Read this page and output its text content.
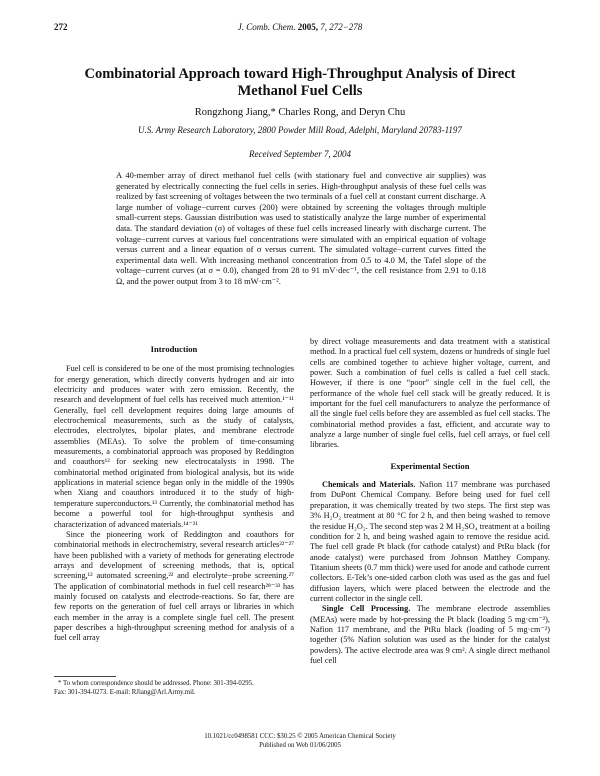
272	J. Comb. Chem. 2005, 7, 272−278
Combinatorial Approach toward High-Throughput Analysis of Direct Methanol Fuel Cells
Rongzhong Jiang,* Charles Rong, and Deryn Chu
U.S. Army Research Laboratory, 2800 Powder Mill Road, Adelphi, Maryland 20783-1197
Received September 7, 2004
A 40-member array of direct methanol fuel cells (with stationary fuel and convective air supplies) was generated by electrically connecting the fuel cells in series. High-throughput analysis of these fuel cells was realized by fast screening of voltages between the two terminals of a fuel cell at constant current discharge. A large number of voltage−current curves (200) were obtained by screening the voltages through multiple small-current steps. Gaussian distribution was used to statistically analyze the large number of experimental data. The standard deviation (σ) of voltages of these fuel cells increased linearly with discharge current. The voltage−current curves at various fuel concentrations were simulated with an empirical equation of voltage versus current and a linear equation of σ versus current. The simulated voltage−current curves fitted the experimental data well. With increasing methanol concentration from 0.5 to 4.0 M, the Tafel slope of the voltage−current curves (at σ = 0.0), changed from 28 to 91 mV·dec⁻¹, the cell resistance from 2.91 to 0.18 Ω, and the power output from 3 to 18 mW·cm⁻².
Introduction

Fuel cell is considered to be one of the most promising technologies for energy generation, which directly converts hydrogen and air into electricity and produces water with zero emission. Recently, the research and development of fuel cells has received much attention.¹⁻¹¹ Generally, fuel cell development requires doing large amounts of electrochemical measurements, such as the study of catalysts, electrodes, electrolytes, bipolar plates, and membrane electrode assemblies (MEAs). To solve the problem of time-consuming measurements, a combinatorial approach was proposed by Reddington and coauthors¹² for seeking new electrocatalysts in 1998. The combinatorial method originated from biological analysis, but its wide applications in material science began only in the middle of the 1990s when Xiang and coauthors introduced it to the study of high-temperature superconductors.¹³ Currently, the combinatorial method has become a powerful tool for high-throughput synthesis and characterization of advanced materials.¹⁴⁻²¹

Since the pioneering work of Reddington and coauthors for combinatorial methods in electrochemistry, several research articles²²⁻²⁷ have been published with a variety of methods for generating electrode arrays and development of screening methods, that is, optical screening,¹² automated screening,²² and electrolyte−probe screening.²⁷ The application of combinatorial methods in fuel cell research²⁸⁻³³ has mainly focused on catalysts and electrode-reactions. So far, there are few reports on the generation of fuel cell arrays or libraries in which each member in the array is a complete single fuel cell. The present paper describes a high-throughput screening method for analysis of a fuel cell array

by direct voltage measurements and data treatment with a statistical method. In a practical fuel cell system, dozens or hundreds of single fuel cells are combined together to achieve higher voltage, current, and power. Such a combination of fuel cells is called a fuel cell stack. However, if there is one “poor” single cell in the fuel cell, the performance of the whole fuel cell stack will be greatly reduced. It is important for the fuel cell manufacturers to analyze the performance of all the single fuel cells before they are assembled as fuel cell stacks. The combinatorial method provides a fast, efficient, and accurate way to analyze a large number of single fuel cells, fuel cell arrays, or fuel cell libraries.

Experimental Section

Chemicals and Materials. Nafion 117 membrane was purchased from DuPont Chemical Company. Before being used for fuel cell preparation, it was chemically treated by two steps. The first step was 3% H₂O₂ treatment at 80 °C for 2 h, and then being washed to remove the residue H₂O₂. The second step was 2 M H₂SO₄ treatment at a boiling condition for 2 h, and being washed again to remove the residue acid. The fuel cell grade Pt black (for cathode catalyst) and PtRu black (for anode catalyst) were purchased from Johnson Matthey Company. Titanium sheets (0.7 mm thick) were used for anode and cathode current collectors. E-Tek’s one-sided carbon cloth was used as the gas and fuel diffusion layers, which were placed between the electrode and the current collector in the single cell.

Single Cell Processing. The membrane electrode assemblies (MEAs) were made by hot-pressing the Pt black (loading 5 mg·cm⁻²), Nafion 117 membrane, and the PtRu black (loading of 5 mg·cm⁻²) together (5% Nafion solution was used as the binder for the catalyst powders). The active electrode area was 9 cm². A single direct methanol fuel cell

* To whom correspondence should be addressed. Phone: 301-394-0295.
Fax: 301-394-0273. E-mail: RJiang@Arl.Army.mil.
10.1021/cc0498581 CCC: $30.25 © 2005 American Chemical Society
Published on Web 01/06/2005
